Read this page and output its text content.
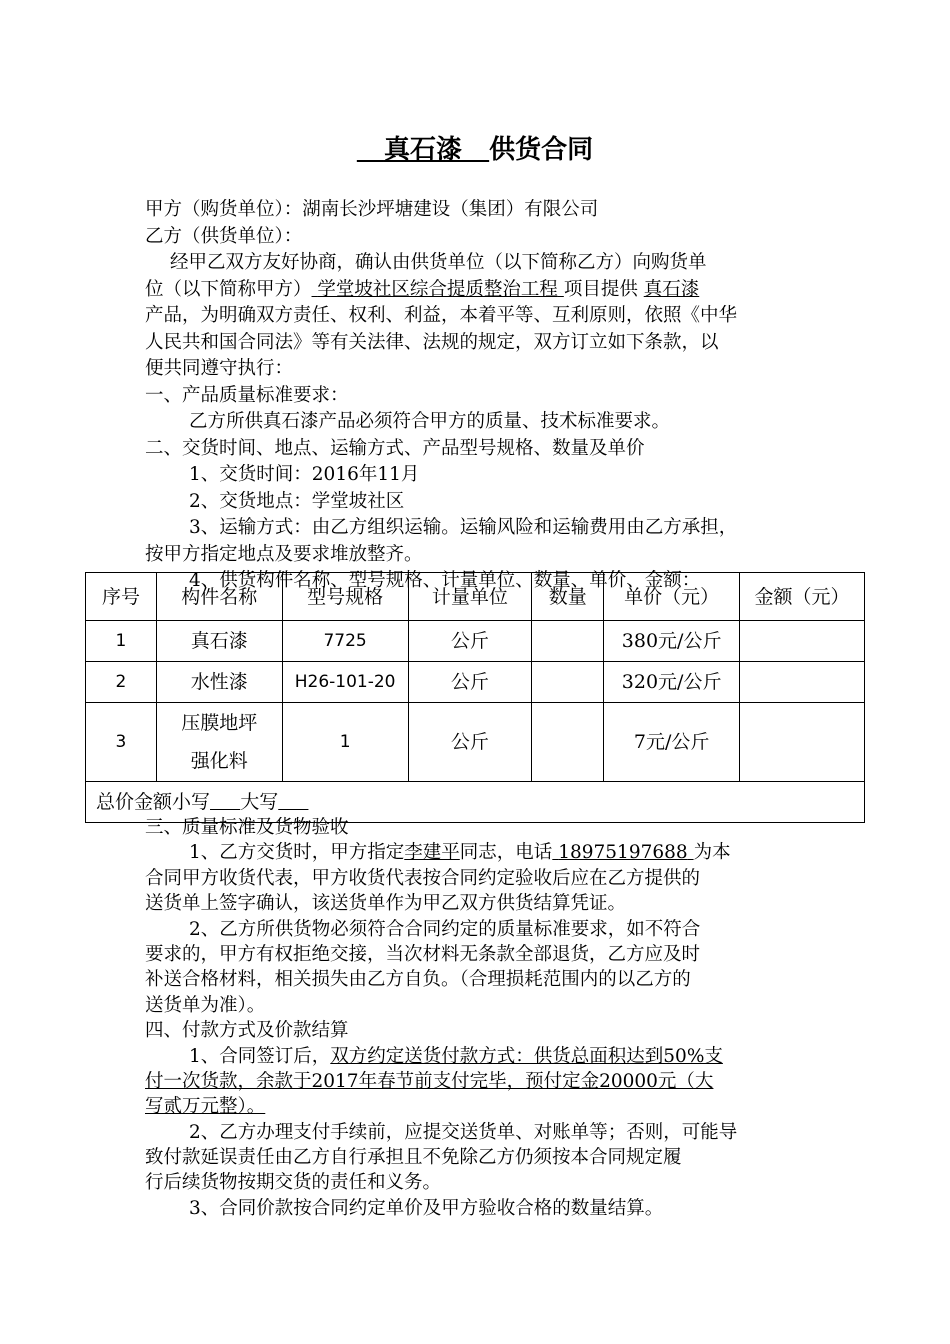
真石漆 供货合同
甲方（购货单位）：湖南长沙坪塘建设（集团）有限公司
乙方（供货单位）：
经甲乙双方友好协商，确认由供货单位（以下简称乙方）向购货单
位（以下简称甲方） 学堂坡社区综合提质整治工程 项目提供 真石漆
产品，为明确双方责任、权利、利益，本着平等、互利原则，依照《中华
人民共和国合同法》等有关法律、法规的规定，双方订立如下条款，以
便共同遵守执行：
一、产品质量标准要求：
乙方所供真石漆产品必须符合甲方的质量、技术标准要求。
二、交货时间、地点、运输方式、产品型号规格、数量及单价
1、交货时间：2016年11月
2、交货地点：学堂坡社区
3、运输方式：由乙方组织运输。运输风险和运输费用由乙方承担，
按甲方指定地点及要求堆放整齐。
4、供货构件名称、型号规格、计量单位、数量、单价、金额：
序号	构件名称	型号规格	计量单位	数量	单价（元）	金额（元）
1	真石漆	7725	公斤		380元/公斤	
2	水性漆	H26-101-20	公斤		320元/公斤	
3	压膜地坪
强化料	1	公斤		7元/公斤	
总价金额小写 大写						
三、质量标准及货物验收
1、乙方交货时，甲方指定李建平同志，电话 18975197688 为本
合同甲方收货代表，甲方收货代表按合同约定验收后应在乙方提供的
送货单上签字确认，该送货单作为甲乙双方供货结算凭证。
2、乙方所供货物必须符合合同约定的质量标准要求，如不符合
要求的，甲方有权拒绝交接，当次材料无条款全部退货，乙方应及时
补送合格材料，相关损失由乙方自负。（合理损耗范围内的以乙方的
送货单为准）。
四、付款方式及价款结算
1、合同签订后，双方约定送货付款方式：供货总面积达到50%支
付一次货款，余款于2017年春节前支付完毕，预付定金20000元（大
写贰万元整）。
2、乙方办理支付手续前，应提交送货单、对账单等；否则，可能导
致付款延误责任由乙方自行承担且不免除乙方仍须按本合同规定履
行后续货物按期交货的责任和义务。
3、合同价款按合同约定单价及甲方验收合格的数量结算。
